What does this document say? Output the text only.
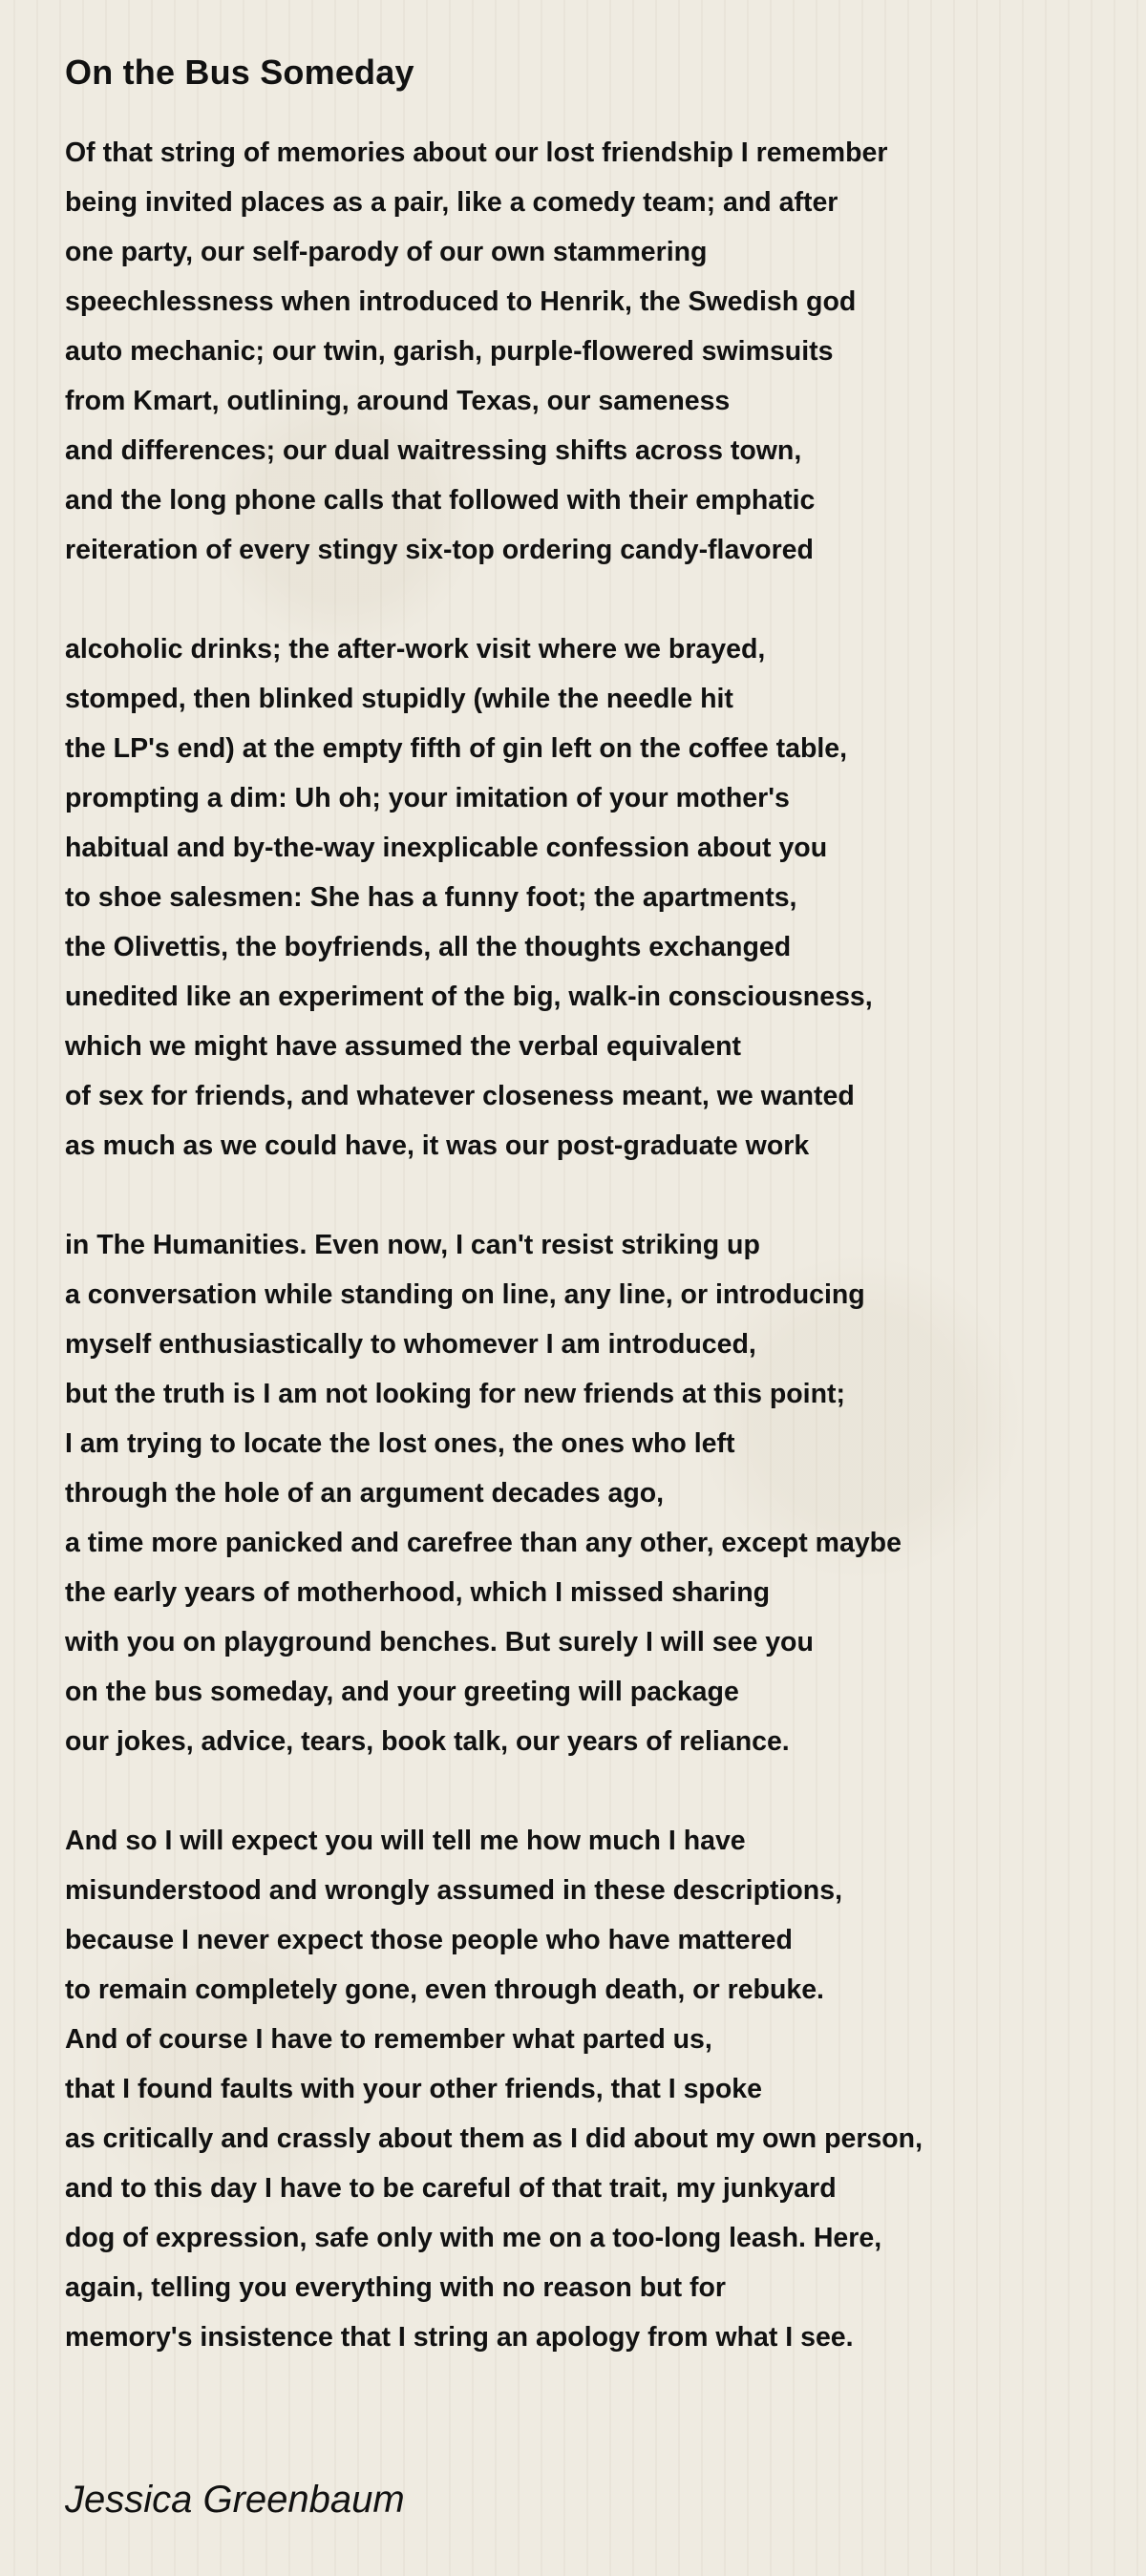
On the Bus Someday
Of that string of memories about our lost friendship I remember
being invited places as a pair, like a comedy team; and after
one party, our self-parody of our own stammering
speechlessness when introduced to Henrik, the Swedish god
auto mechanic; our twin, garish, purple-flowered swimsuits
from Kmart, outlining, around Texas, our sameness
and differences; our dual waitressing shifts across town,
and the long phone calls that followed with their emphatic
reiteration of every stingy six-top ordering candy-flavored
alcoholic drinks; the after-work visit where we brayed,
stomped, then blinked stupidly (while the needle hit
the LP's end) at the empty fifth of gin left on the coffee table,
prompting a dim: Uh oh; your imitation of your mother's
habitual and by-the-way inexplicable confession about you
to shoe salesmen: She has a funny foot; the apartments,
the Olivettis, the boyfriends, all the thoughts exchanged
unedited like an experiment of the big, walk-in consciousness,
which we might have assumed the verbal equivalent
of sex for friends, and whatever closeness meant, we wanted
as much as we could have, it was our post-graduate work
in The Humanities. Even now, I can't resist striking up
a conversation while standing on line, any line, or introducing
myself enthusiastically to whomever I am introduced,
but the truth is I am not looking for new friends at this point;
I am trying to locate the lost ones, the ones who left
through the hole of an argument decades ago,
a time more panicked and carefree than any other, except maybe
the early years of motherhood, which I missed sharing
with you on playground benches. But surely I will see you
on the bus someday, and your greeting will package
our jokes, advice, tears, book talk, our years of reliance.
And so I will expect you will tell me how much I have
misunderstood and wrongly assumed in these descriptions,
because I never expect those people who have mattered
to remain completely gone, even through death, or rebuke.
And of course I have to remember what parted us,
that I found faults with your other friends, that I spoke
as critically and crassly about them as I did about my own person,
and to this day I have to be careful of that trait, my junkyard
dog of expression, safe only with me on a too-long leash. Here,
again, telling you everything with no reason but for
memory's insistence that I string an apology from what I see.
Jessica Greenbaum
